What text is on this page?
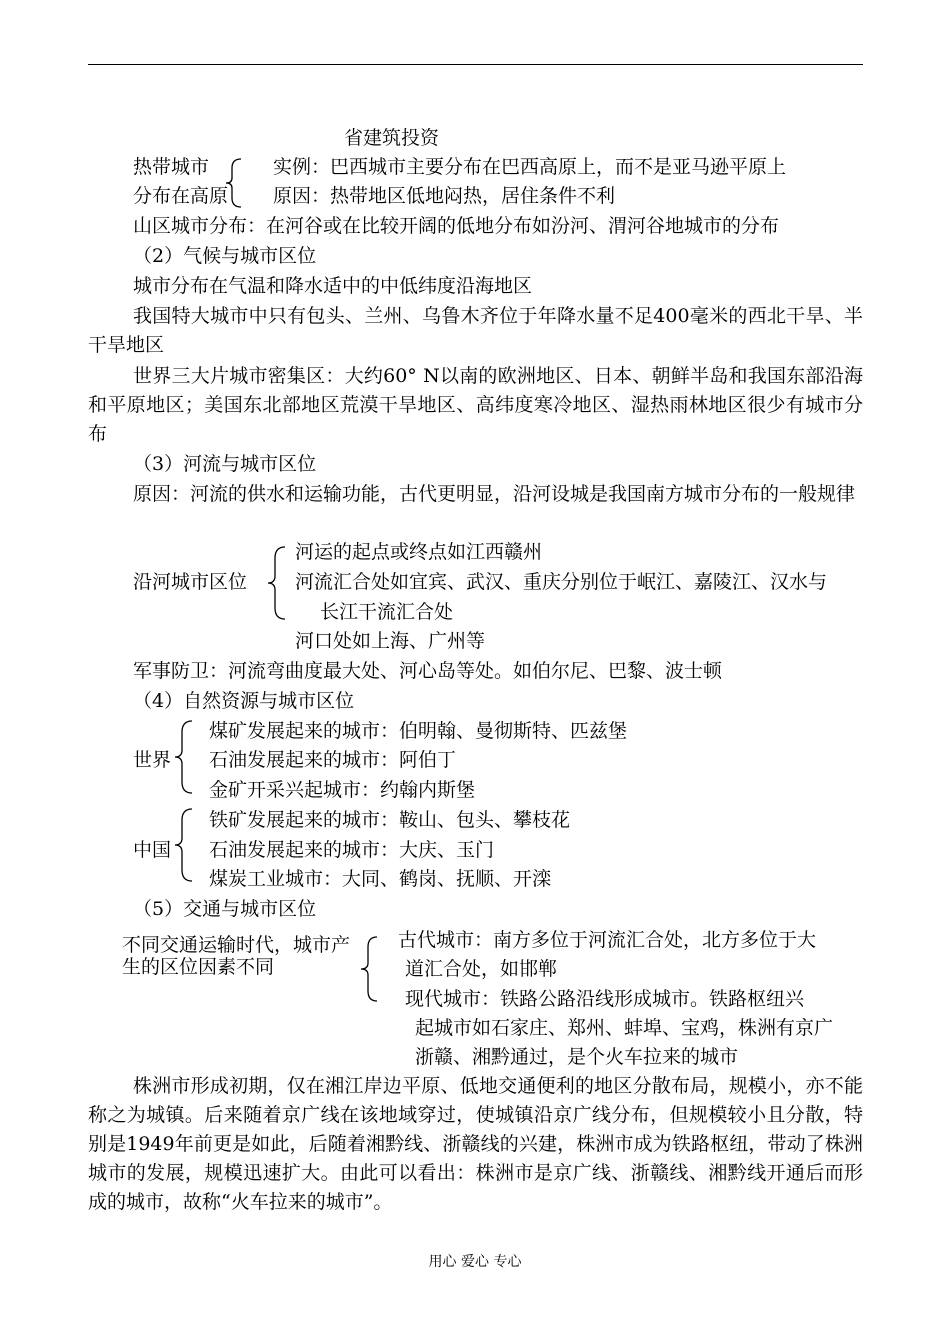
省建筑投资

热带城市

分布在高原

实例：巴西城市主要分布在巴西高原上，而不是亚马逊平原上

原因：热带地区低地闷热，居住条件不利

山区城市分布：在河谷或在比较开阔的低地分布如汾河、渭河谷地城市的分布

（2）气候与城市区位

城市分布在气温和降水适中的中低纬度沿海地区

我国特大城市中只有包头、兰州、乌鲁木齐位于年降水量不足400毫米的西北干旱、半干旱地区

世界三大片城市密集区：大约60° N以南的欧洲地区、日本、朝鲜半岛和我国东部沿海和平原地区；美国东北部地区荒漠干旱地区、高纬度寒冷地区、湿热雨林地区很少有城市分布

（3）河流与城市区位

原因：河流的供水和运输功能，古代更明显，沿河设城是我国南方城市分布的一般规律

沿河城市区位

河运的起点或终点如江西赣州

河流汇合处如宜宾、武汉、重庆分别位于岷江、嘉陵江、汉水与

长江干流汇合处

河口处如上海、广州等

军事防卫：河流弯曲度最大处、河心岛等处。如伯尔尼、巴黎、波士顿

（4）自然资源与城市区位

世界

煤矿发展起来的城市：伯明翰、曼彻斯特、匹兹堡

石油发展起来的城市：阿伯丁

金矿开采兴起城市：约翰内斯堡

中国

铁矿发展起来的城市：鞍山、包头、攀枝花

石油发展起来的城市：大庆、玉门

煤炭工业城市：大同、鹤岗、抚顺、开滦

（5）交通与城市区位

不同交通运输时代，城市产生的区位因素不同

古代城市：南方多位于河流汇合处，北方多位于大

道汇合处，如邯郸

现代城市：铁路公路沿线形成城市。铁路枢纽兴

起城市如石家庄、郑州、蚌埠、宝鸡，株洲有京广

浙赣、湘黔通过，是个火车拉来的城市

株洲市形成初期，仅在湘江岸边平原、低地交通便利的地区分散布局，规模小，亦不能称之为城镇。后来随着京广线在该地域穿过，使城镇沿京广线分布，但规模较小且分散，特别是1949年前更是如此，后随着湘黔线、浙赣线的兴建，株洲市成为铁路枢纽，带动了株洲城市的发展，规模迅速扩大。由此可以看出：株洲市是京广线、浙赣线、湘黔线开通后而形成的城市，故称“火车拉来的城市”。

用心 爱心 专心
